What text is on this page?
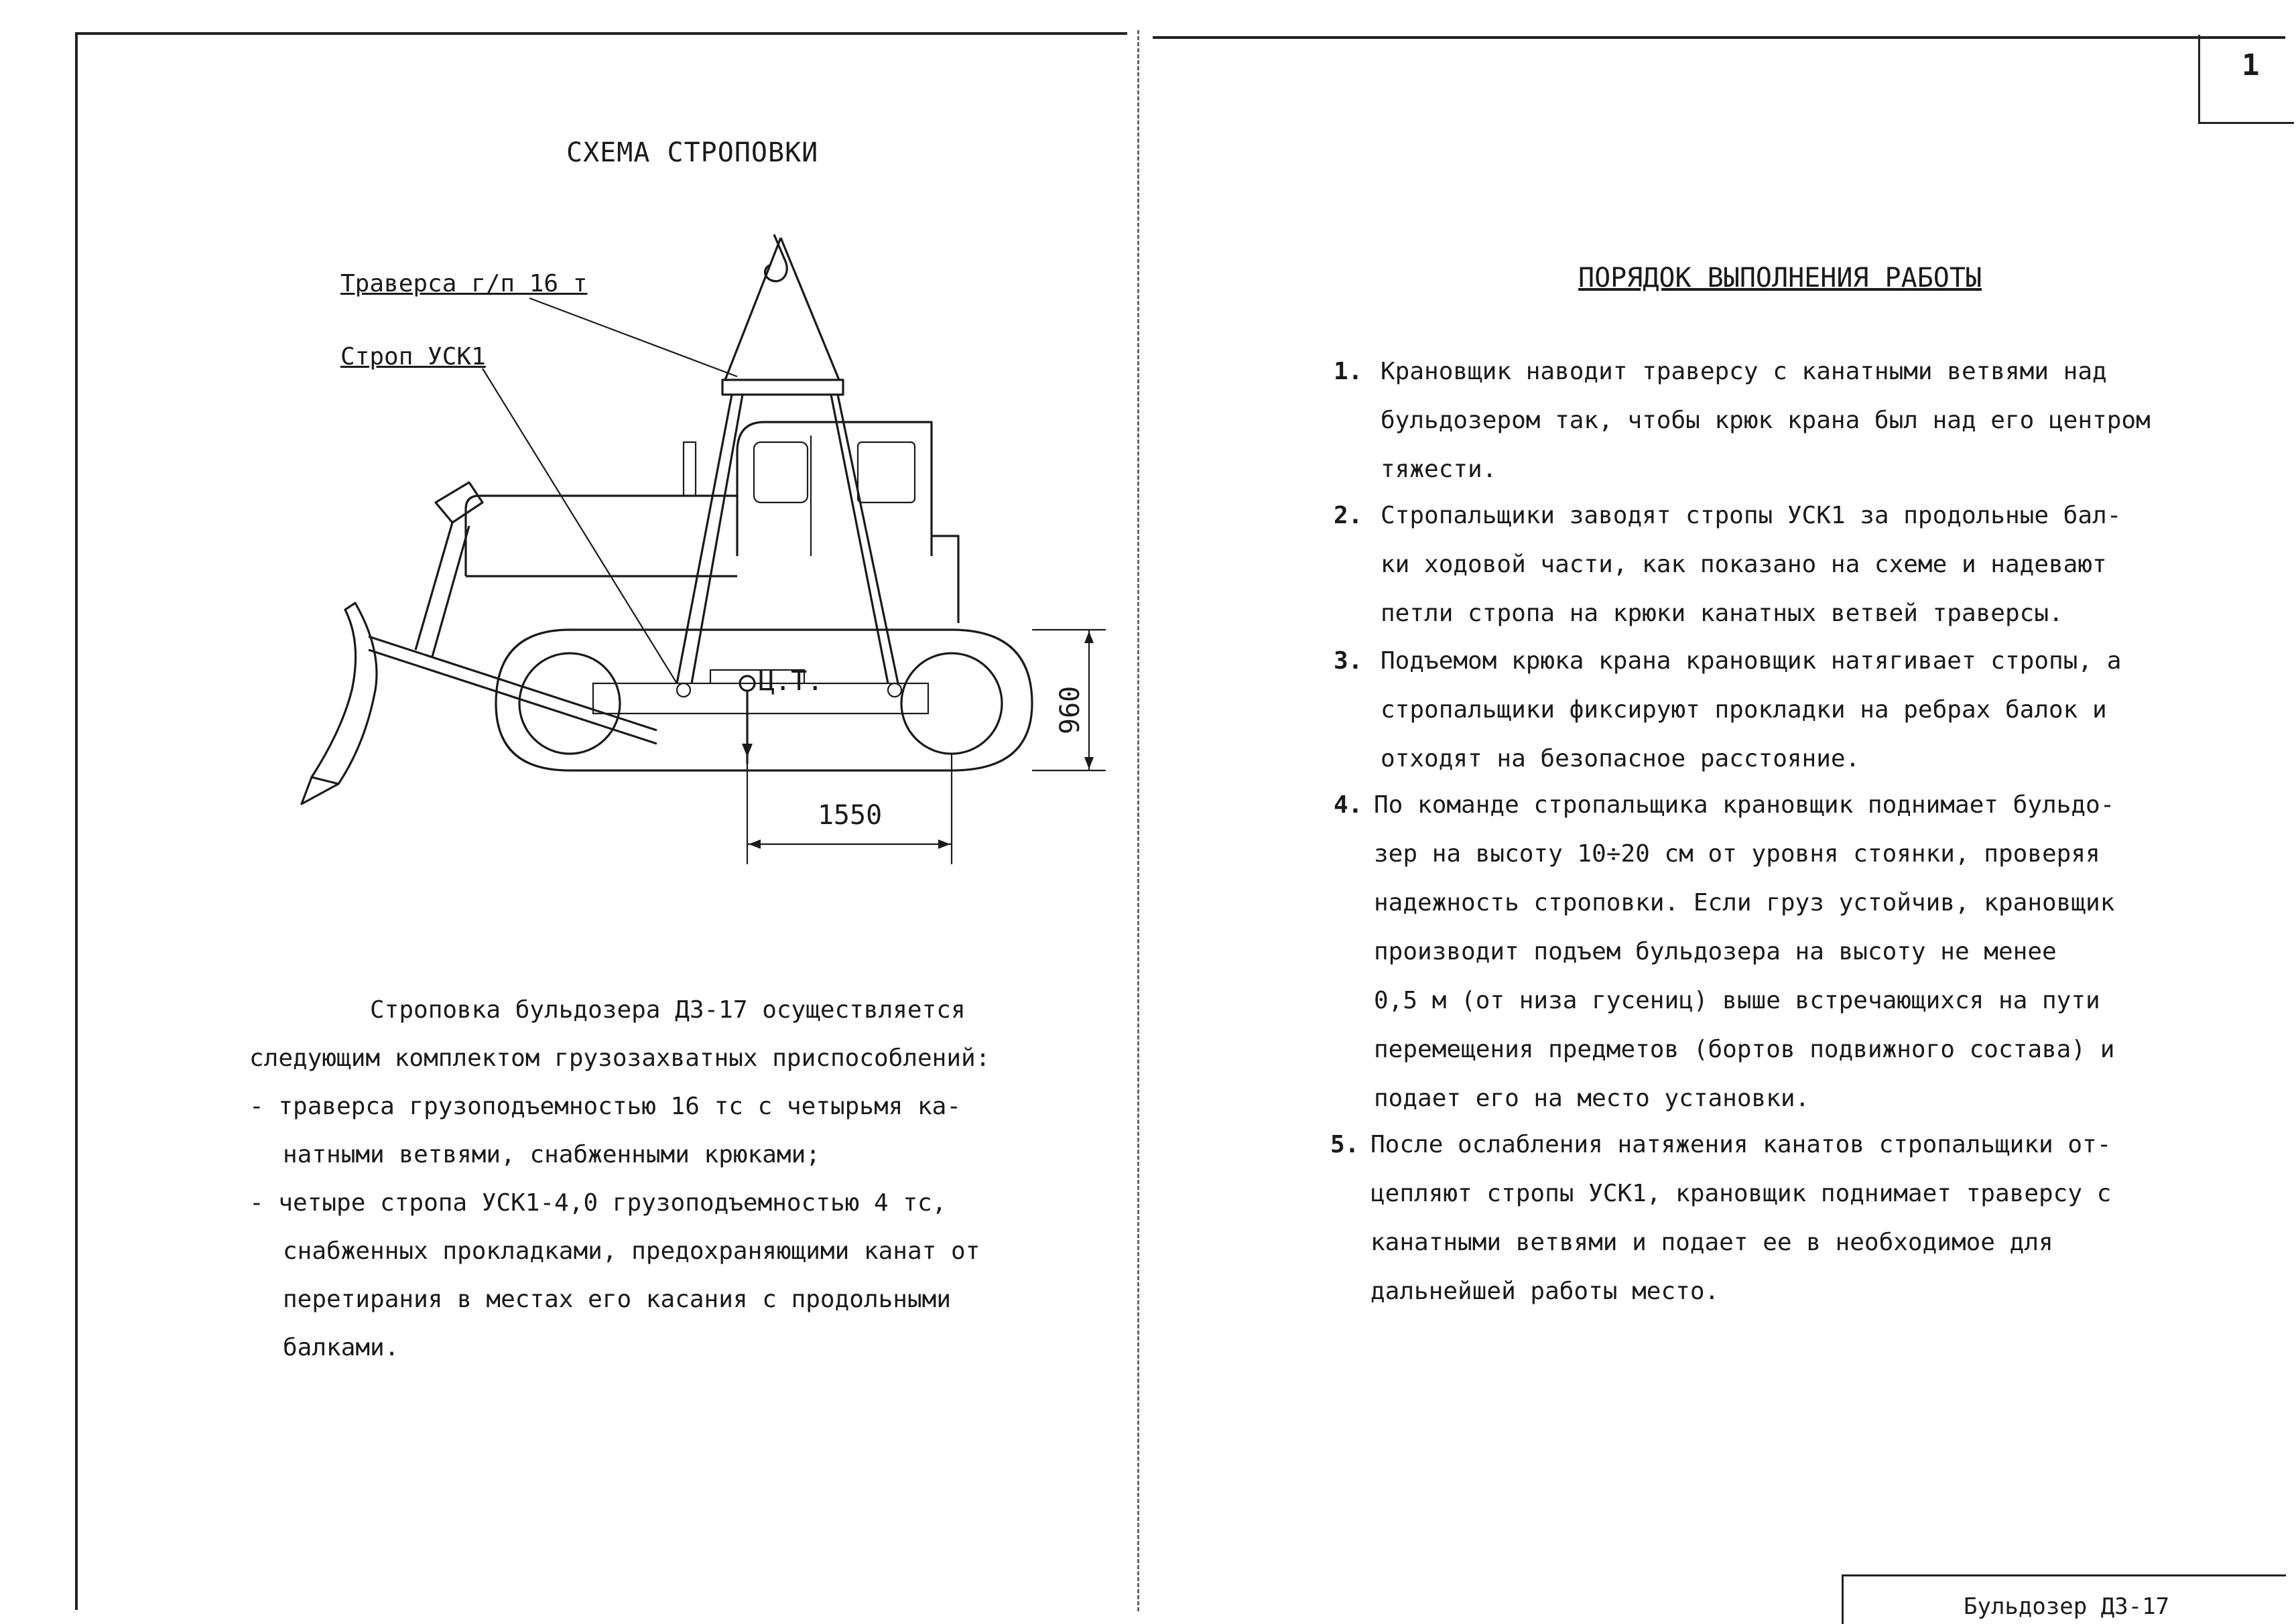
1
СХЕМА СТРОПОВКИ
Траверса г/п 16 т
Строп УСК1
Ц.Т.
960
1550
Строповка бульдозера ДЗ-17 осуществляется
следующим комплектом грузозахватных приспособлений:
- траверса грузоподъемностью 16 тс с четырьмя ка-
натными ветвями, снабженными крюками;
- четыре стропа УСК1-4,0 грузоподъемностью 4 тс,
снабженных прокладками, предохраняющими канат от
перетирания в местах его касания с продольными
балками.
ПОРЯДОК ВЫПОЛНЕНИЯ РАБОТЫ
1. Крановщик наводит траверсу с канатными ветвями над
бульдозером так, чтобы крюк крана был над его центром
тяжести.
2. Стропальщики заводят стропы УСК1 за продольные бал-
ки ходовой части, как показано на схеме и надевают
петли стропа на крюки канатных ветвей траверсы.
3. Подъемом крюка крана крановщик натягивает стропы, а
стропальщики фиксируют прокладки на ребрах балок и
отходят на безопасное расстояние.
4. По команде стропальщика крановщик поднимает бульдо-
зер на высоту 10÷20 см от уровня стоянки, проверяя
надежность строповки. Если груз устойчив, крановщик
производит подъем бульдозера на высоту не менее
0,5 м (от низа гусениц) выше встречающихся на пути
перемещения предметов (бортов подвижного состава) и
подает его на место установки.
5. После ослабления натяжения канатов стропальщики от-
цепляют стропы УСК1, крановщик поднимает траверсу с
канатными ветвями и подает ее в необходимое для
дальнейшей работы место.
Бульдозер ДЗ-17
